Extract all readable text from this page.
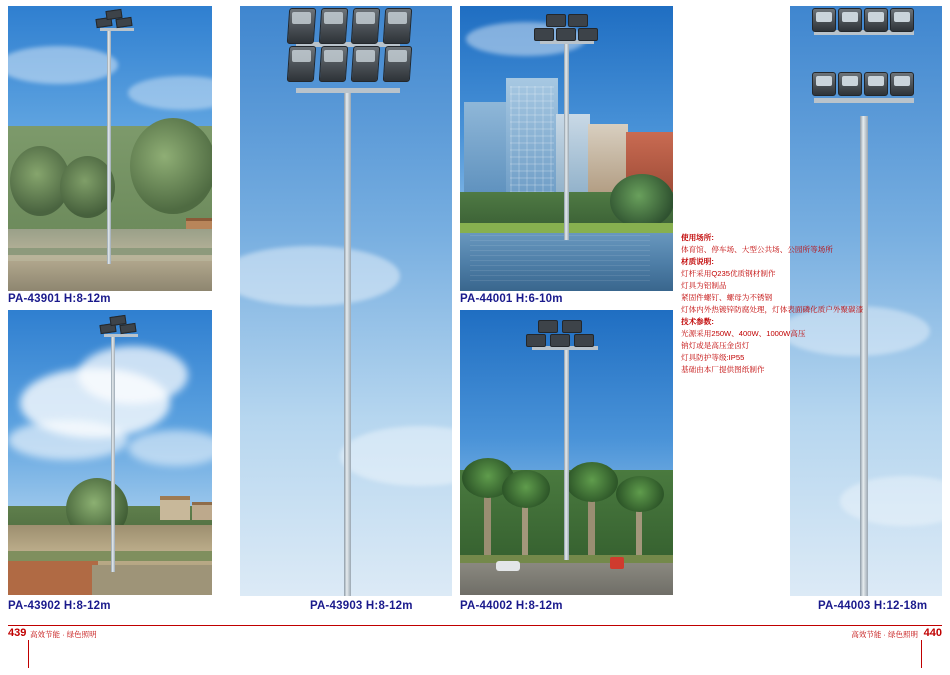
PA-43901 H:8-12m
PA-43902 H:8-12m	PA-43903 H:8-12m
PA-44001 H:6-10m
PA-44002 H:8-12m	PA-44003 H:12-18m
使用场所:
体育馆、停车场、大型公共场、公园所等场所
材质说明:
灯杆采用Q235优质钢材制作
灯具为铝制品
紧固件螺钉、螺母为不锈钢
灯体内外热镀锌防腐处理，灯体表面磷化质户外聚碳漆
技术参数:
光源采用250W、400W、1000W高压
钠灯或是高压金卤灯
灯具防护等级:IP55
基础由本厂提供图纸制作
439 高效节能 · 绿色照明	440
高效节能 · 绿色照明
